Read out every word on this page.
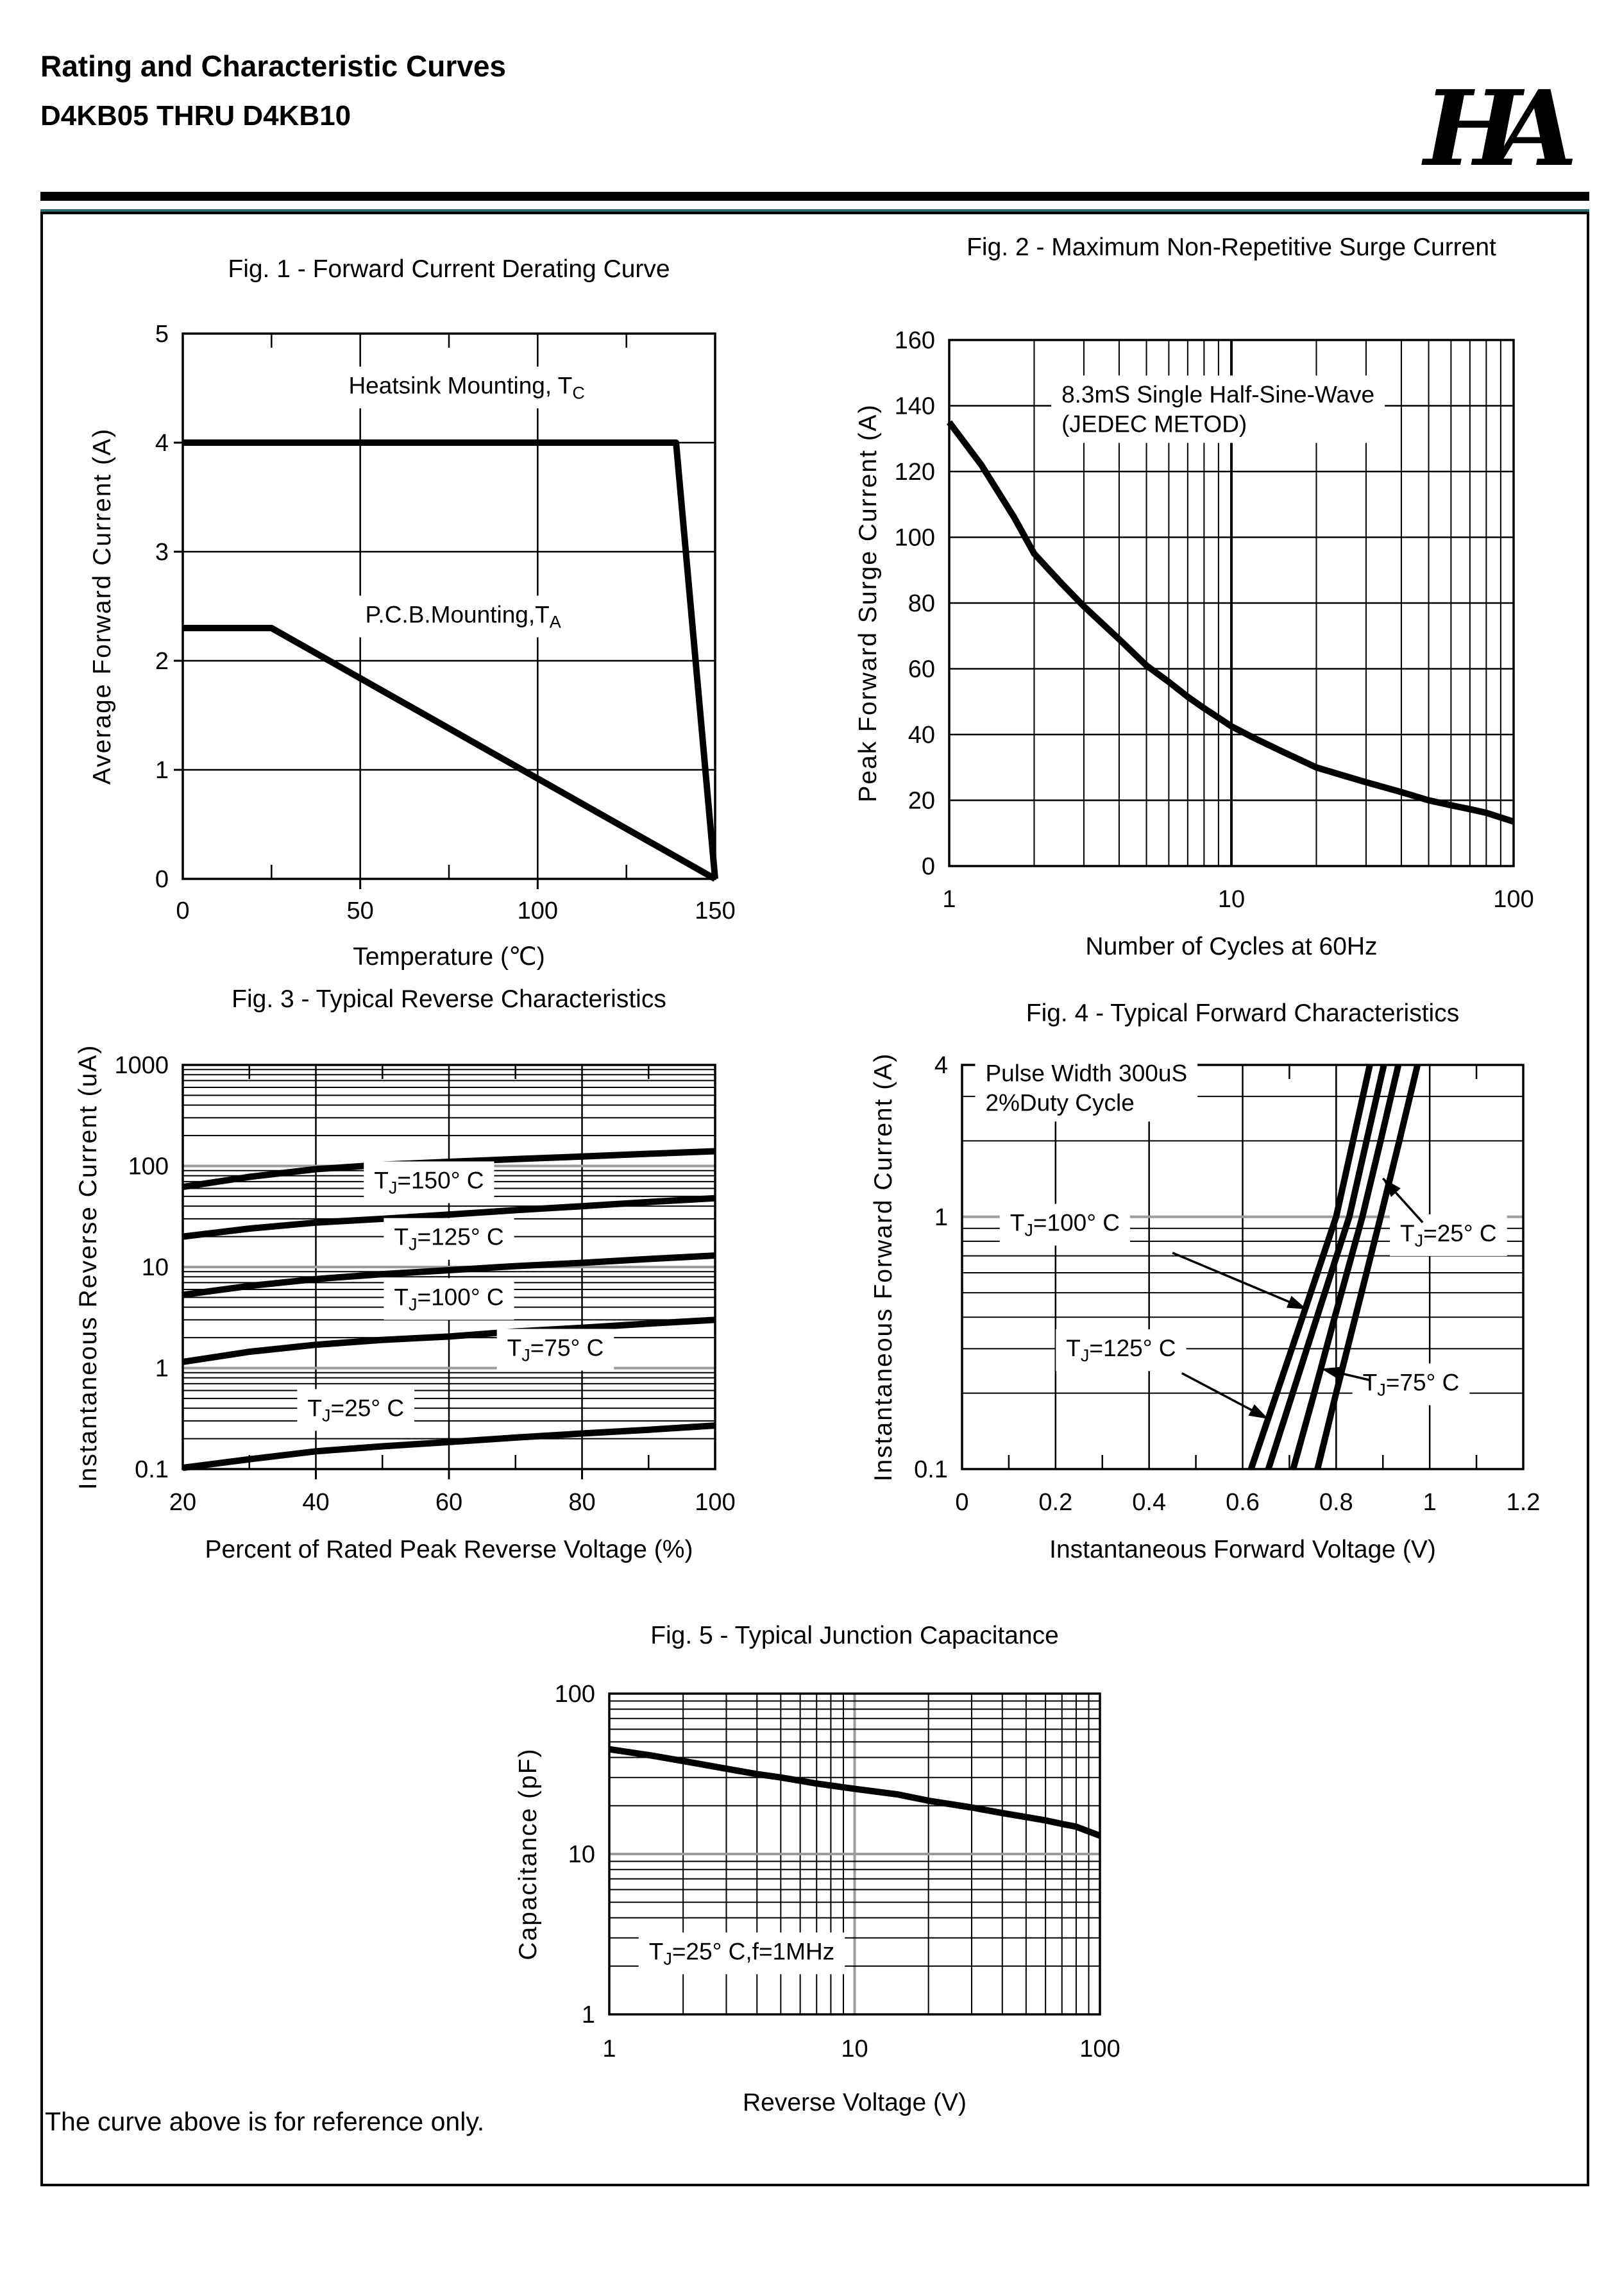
Rating and Characteristic Curves
D4KB05 THRU D4KB10	HA
Heatsink Mounting, $T_C$
$P.C.B.Mounting,T_A$
0	50	100	150
0
1
2
3
4
5
Fig. 1 - Forward Current Derating Curve
Temperature (℃)
Average Forward Current (A)
8.3mS Single Half-Sine-Wave (JEDEC METOD)
1	10	100
0
20
40
60
80
100
120
140
160
Fig. 2 - Maximum Non-Repetitive Surge Current
Number of Cycles at 60Hz
Peak Forward Surge Current (A)
$T_J=150^\circ$ C
$T_J=125^\circ$ C
$T_J=100^\circ$ C
$T_J=75^\circ$ C
$T_J=25^\circ$ C
20	40	60	80	100
0.1
1
10
100
1000
Fig. 3 - Typical Reverse Characteristics
Percent of Rated Peak Reverse Voltage (%)
Instantaneous Reverse Current (uA)	Pulse Width 300uS 2%Duty Cycle
$T_J=100^\circ$ C	$T_J=25^\circ$ C
$T_J=125^\circ$ C
$T_J=75^\circ$ C
0	0.2 0.4 0.6 0.8	1	1.2
0.1
1
4
Fig. 4 - Typical Forward Characteristics
Instantaneous Forward Voltage (V)
Instantaneous Forward Current (A)
$T_J=25^\circ$ C,f=1MHz
1	10	100
1
10
100
Fig. 5 - Typical Junction Capacitance
Reverse Voltage (V)
Capacitance (pF)
The curve above is for reference only.
